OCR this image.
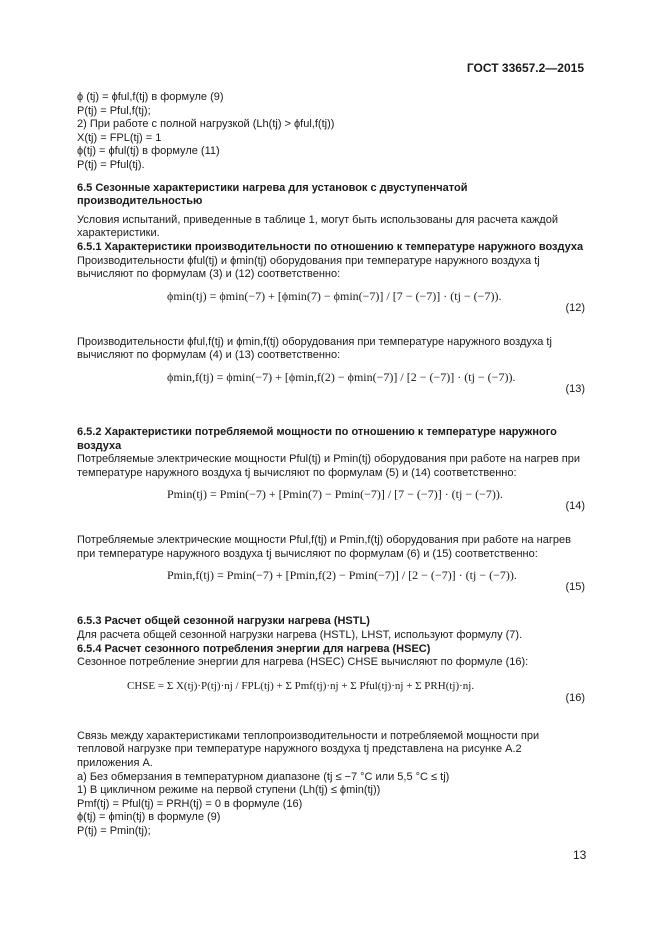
ГОСТ 33657.2—2015

ϕ (tj) = ϕful,f(tj) в формуле (9)

P(tj) = Pful,f(tj);

2) При работе с полной нагрузкой (Lh(tj) > ϕful,f(tj))

X(tj) = FPL(tj) = 1

ϕ(tj) = ϕful(tj) в формуле (11)

P(tj) = Pful(tj).

6.5 Сезонные характеристики нагрева для установок с двуступенчатой производительностью

Условия испытаний, приведенные в таблице 1, могут быть использованы для расчета каждой характеристики.

6.5.1 Характеристики производительности по отношению к температуре наружного воздуха

Производительности ϕful(tj) и ϕmin(tj) оборудования при температуре наружного воздуха tj вычисляют по формулам (3) и (12) соответственно:

ϕmin(tj) = ϕmin(−7) + [ϕmin(7) − ϕmin(−7)] / [7 − (−7)] · (tj − (−7)).
(12)

Производительности ϕful,f(tj) и ϕmin,f(tj) оборудования при температуре наружного воздуха tj вычисляют по формулам (4) и (13) соответственно:

ϕmin,f(tj) = ϕmin(−7) + [ϕmin,f(2) − ϕmin(−7)] / [2 − (−7)] · (tj − (−7)).
(13)

6.5.2 Характеристики потребляемой мощности по отношению к температуре наружного воздуха

Потребляемые электрические мощности Pful(tj) и Pmin(tj) оборудования при работе на нагрев при температуре наружного воздуха tj вычисляют по формулам (5) и (14) соответственно:

Pmin(tj) = Pmin(−7) + [Pmin(7) − Pmin(−7)] / [7 − (−7)] · (tj − (−7)).
(14)

Потребляемые электрические мощности Pful,f(tj) и Pmin,f(tj) оборудования при работе на нагрев при температуре наружного воздуха tj вычисляют по формулам (6) и (15) соответственно:

Pmin,f(tj) = Pmin(−7) + [Pmin,f(2) − Pmin(−7)] / [2 − (−7)] · (tj − (−7)).
(15)

6.5.3 Расчет общей сезонной нагрузки нагрева (HSTL)

Для расчета общей сезонной нагрузки нагрева (HSTL), LHST, используют формулу (7).

6.5.4 Расчет сезонного потребления энергии для нагрева (HSEC)

Сезонное потребление энергии для нагрева (HSEC) CHSE вычисляют по формуле (16):

CHSE = Σ X(tj)·P(tj)·nj / FPL(tj) + Σ Pmf(tj)·nj + Σ Pful(tj)·nj + Σ PRH(tj)·nj.
(16)

Связь между характеристиками теплопроизводительности и потребляемой мощности при тепловой нагрузке при температуре наружного воздуха tj представлена на рисунке А.2 приложения А.

а) Без обмерзания в температурном диапазоне (tj ≤ −7 °C или 5,5 °C ≤ tj)

1) В цикличном режиме на первой ступени (Lh(tj) ≤ ϕmin(tj))

Pmf(tj) = Pful(tj) = PRH(tj) = 0 в формуле (16)

ϕ(tj) = ϕmin(tj) в формуле (9)

P(tj) = Pmin(tj);

13
